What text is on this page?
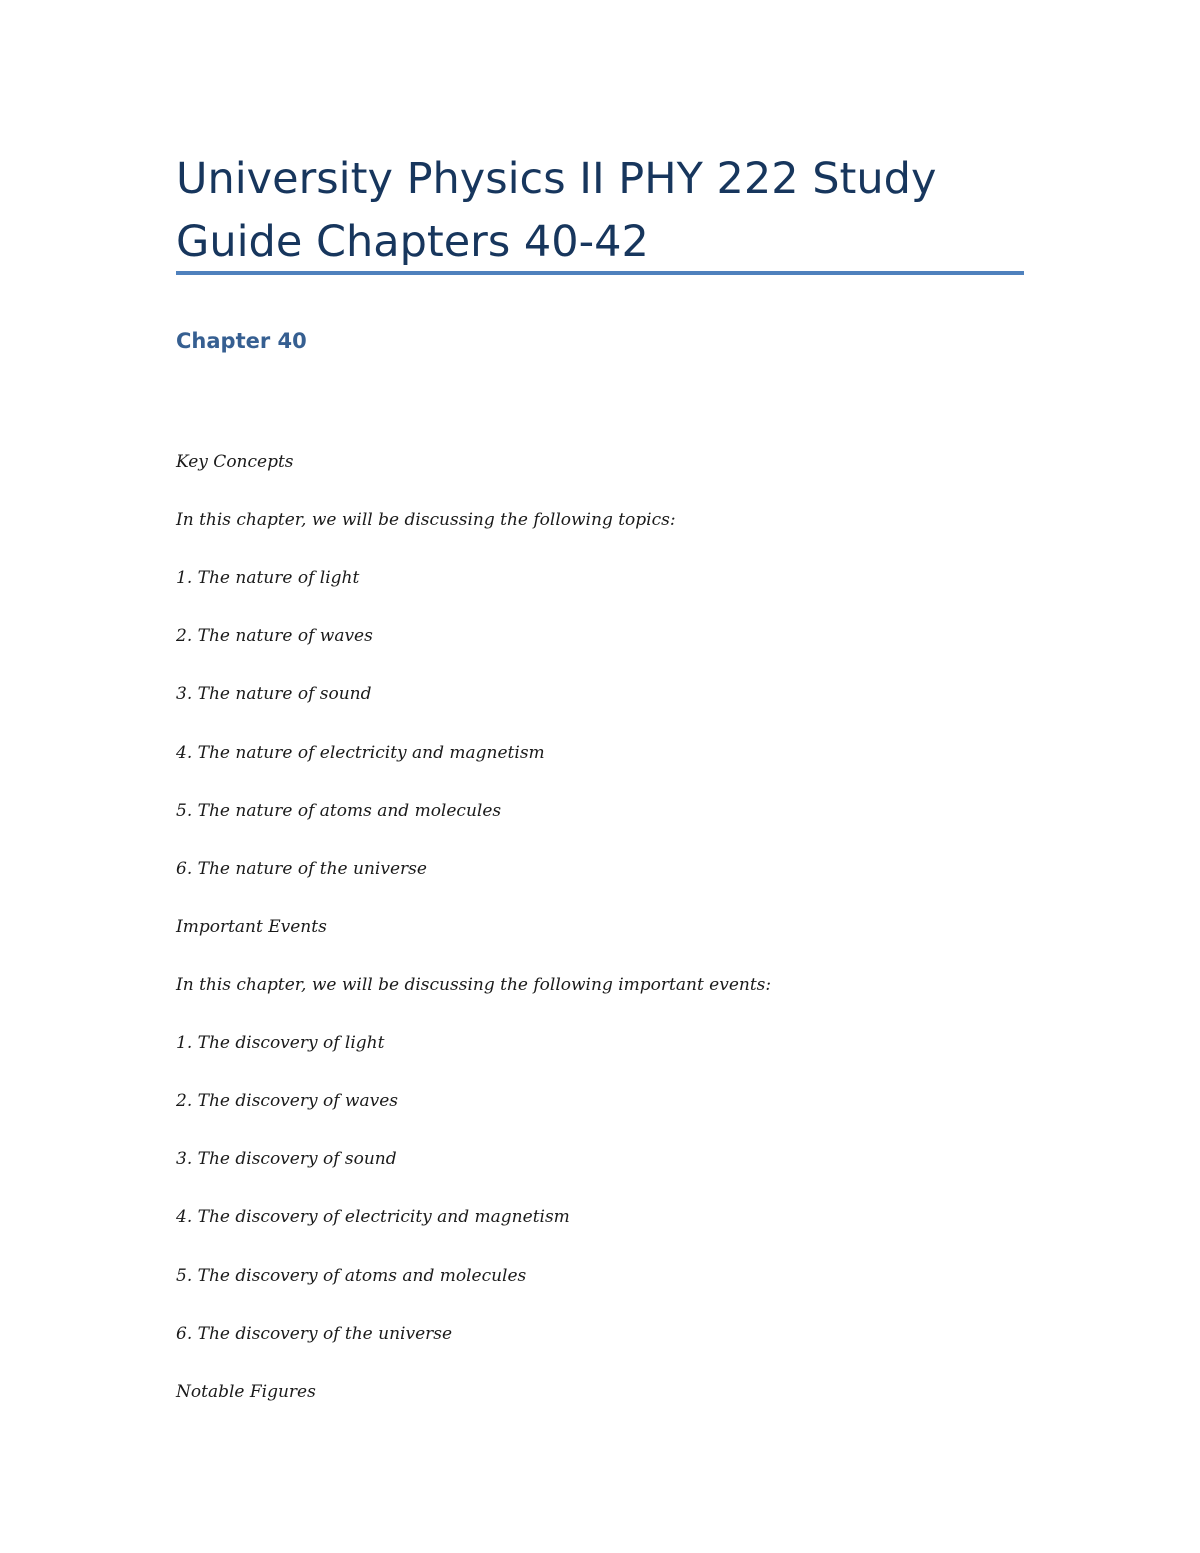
University Physics II PHY 222 Study Guide Chapters 40-42
Chapter 40

Key Concepts

In this chapter, we will be discussing the following topics:

1. The nature of light

2. The nature of waves

3. The nature of sound

4. The nature of electricity and magnetism

5. The nature of atoms and molecules

6. The nature of the universe

Important Events

In this chapter, we will be discussing the following important events:

1. The discovery of light

2. The discovery of waves

3. The discovery of sound

4. The discovery of electricity and magnetism

5. The discovery of atoms and molecules

6. The discovery of the universe

Notable Figures
